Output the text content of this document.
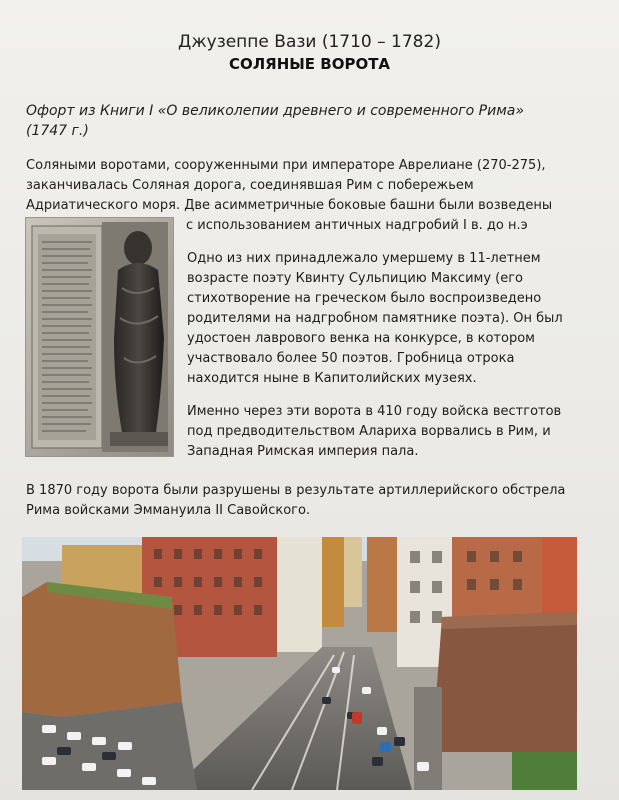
Джузеппе Вази (1710 – 1782)
СОЛЯНЫЕ ВОРОТА
Офорт из Книги I «О великолепии древнего и современного Рима»
(1747 г.)
Соляными воротами, сооруженными при императоре Аврелиане (270-275),
заканчивалась Соляная дорога, соединявшая Рим с побережьем
Адриатического моря. Две асимметричные боковые башни были возведены
с использованием античных надгробий I в. до н.э
Одно из них принадлежало умершему в 11-летнем
возрасте поэту Квинту Сульпицию Максиму (его
стихотворение на греческом было воспроизведено
родителями на надгробном памятнике поэта). Он был
удостоен лаврового венка на конкурсе, в котором
участвовало более 50 поэтов. Гробница отрока
находится ныне в Капитолийских музеях.
Именно через эти ворота в 410 году войска вестготов
под предводительством Алариха ворвались в Рим, и
Западная Римская империя пала.
В 1870 году ворота были разрушены в результате артиллерийского обстрела
Рима войсками Эммануила II Савойского.
